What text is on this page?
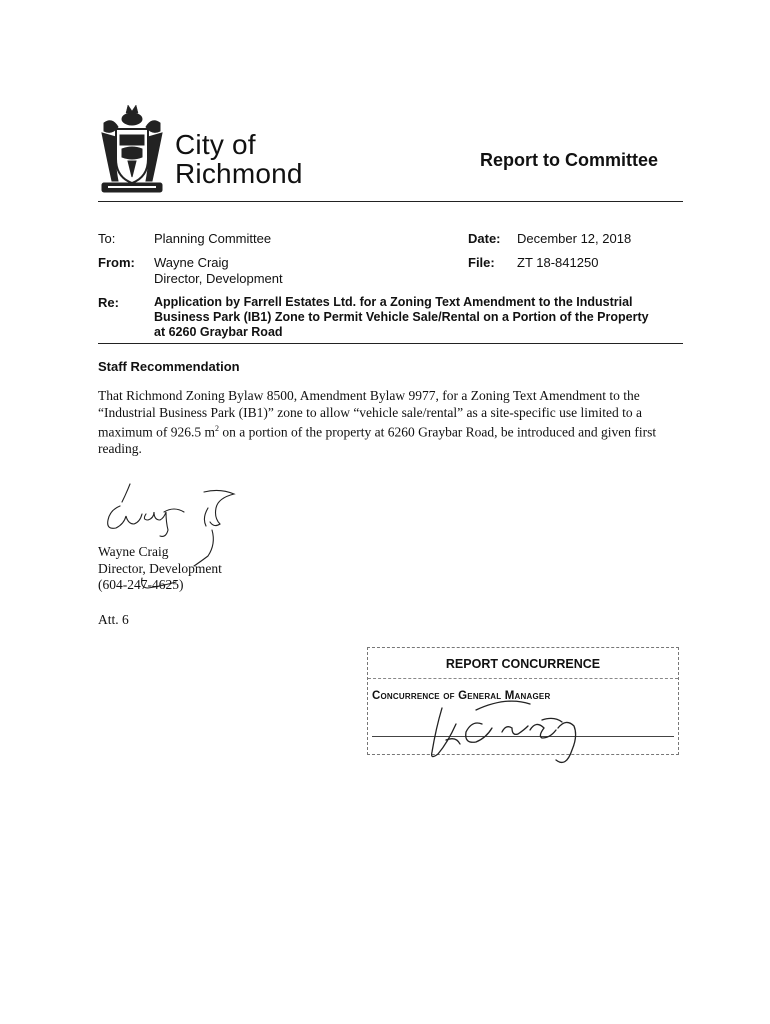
City of
Richmond	Report to Committee
To:	Planning Committee	Date: December 12, 2018
From: Wayne Craig
Director, Development
File: ZT 18-841250
Re:	Application by Farrell Estates Ltd. for a Zoning Text Amendment to the Industrial
Business Park (IB1) Zone to Permit Vehicle Sale/Rental on a Portion of the Property
at 6260 Graybar Road
Staff Recommendation
That Richmond Zoning Bylaw 8500, Amendment Bylaw 9977, for a Zoning Text Amendment to the “Industrial Business Park (IB1)” zone to allow “vehicle sale/rental” as a site-specific use limited to a maximum of 926.5 $m^2$ on a portion of the property at 6260 Graybar Road, be introduced and given first reading.
Wayne Craig
Director, Development
(604-247-4625)
Att. 6
REPORT CONCURRENCE
Concurrence of General Manager
